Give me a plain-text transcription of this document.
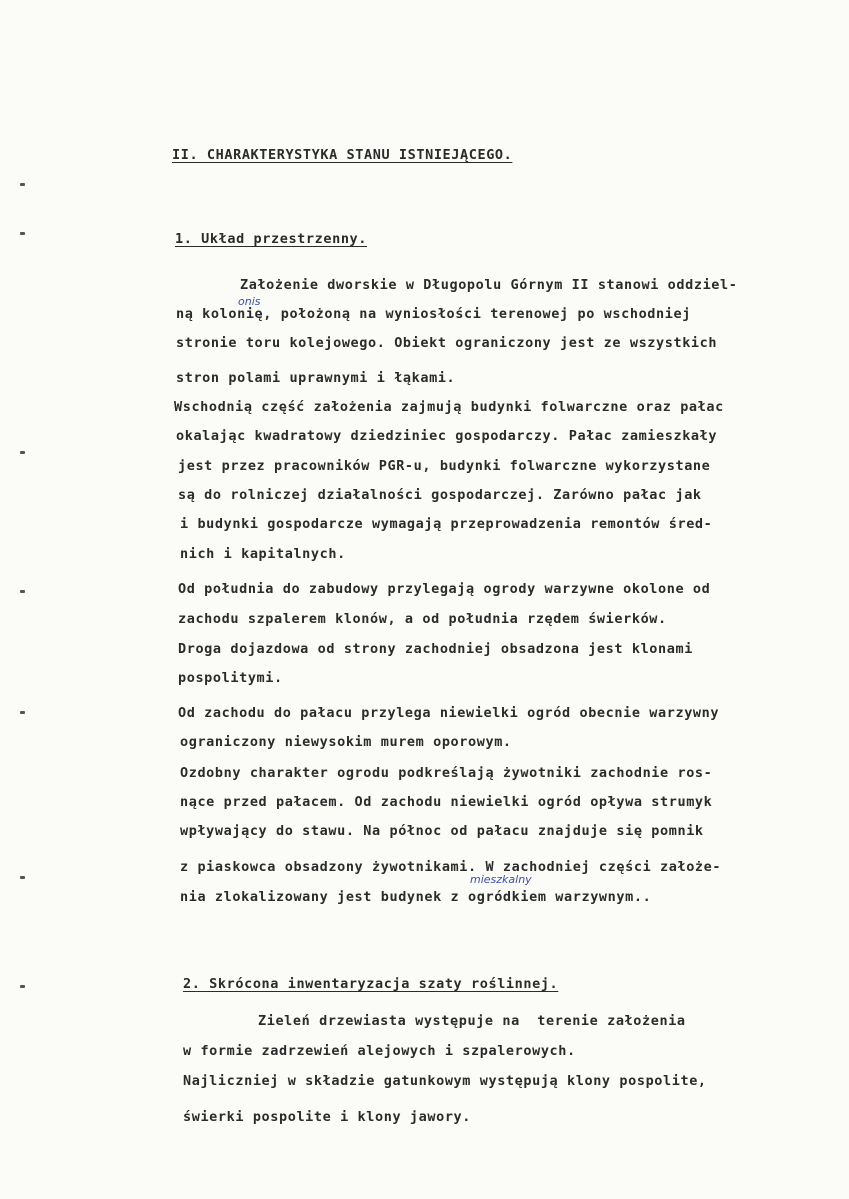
II. CHARAKTERYSTYKA STANU ISTNIEJĄCEGO.
1. Układ przestrzenny.
Założenie dworskie w Długopolu Górnym II stanowi oddziel-
ną kolonię, położoną na wyniosłości terenowej po wschodniej
stronie toru kolejowego. Obiekt ograniczony jest ze wszystkich
stron polami uprawnymi i łąkami.
Wschodnią część założenia zajmują budynki folwarczne oraz pałac
okalając kwadratowy dziedziniec gospodarczy. Pałac zamieszkały
jest przez pracowników PGR-u, budynki folwarczne wykorzystane
są do rolniczej działalności gospodarczej. Zarówno pałac jak
i budynki gospodarcze wymagają przeprowadzenia remontów śred-
nich i kapitalnych.
Od południa do zabudowy przylegają ogrody warzywne okolone od
zachodu szpalerem klonów, a od południa rzędem świerków.
Droga dojazdowa od strony zachodniej obsadzona jest klonami
pospolitymi.
Od zachodu do pałacu przylega niewielki ogród obecnie warzywny
ograniczony niewysokim murem oporowym.
Ozdobny charakter ogrodu podkreślają żywotniki zachodnie ros-
nące przed pałacem. Od zachodu niewielki ogród opływa strumyk
wpływający do stawu. Na północ od pałacu znajduje się pomnik
z piaskowca obsadzony żywotnikami. W zachodniej części założe-
nia zlokalizowany jest budynek z ogródkiem warzywnym..
onis
mieszkalny
2. Skrócona inwentaryzacja szaty roślinnej.
Zieleń drzewiasta występuje na  terenie założenia
w formie zadrzewień alejowych i szpalerowych.
Najliczniej w składzie gatunkowym występują klony pospolite,
świerki pospolite i klony jawory.
